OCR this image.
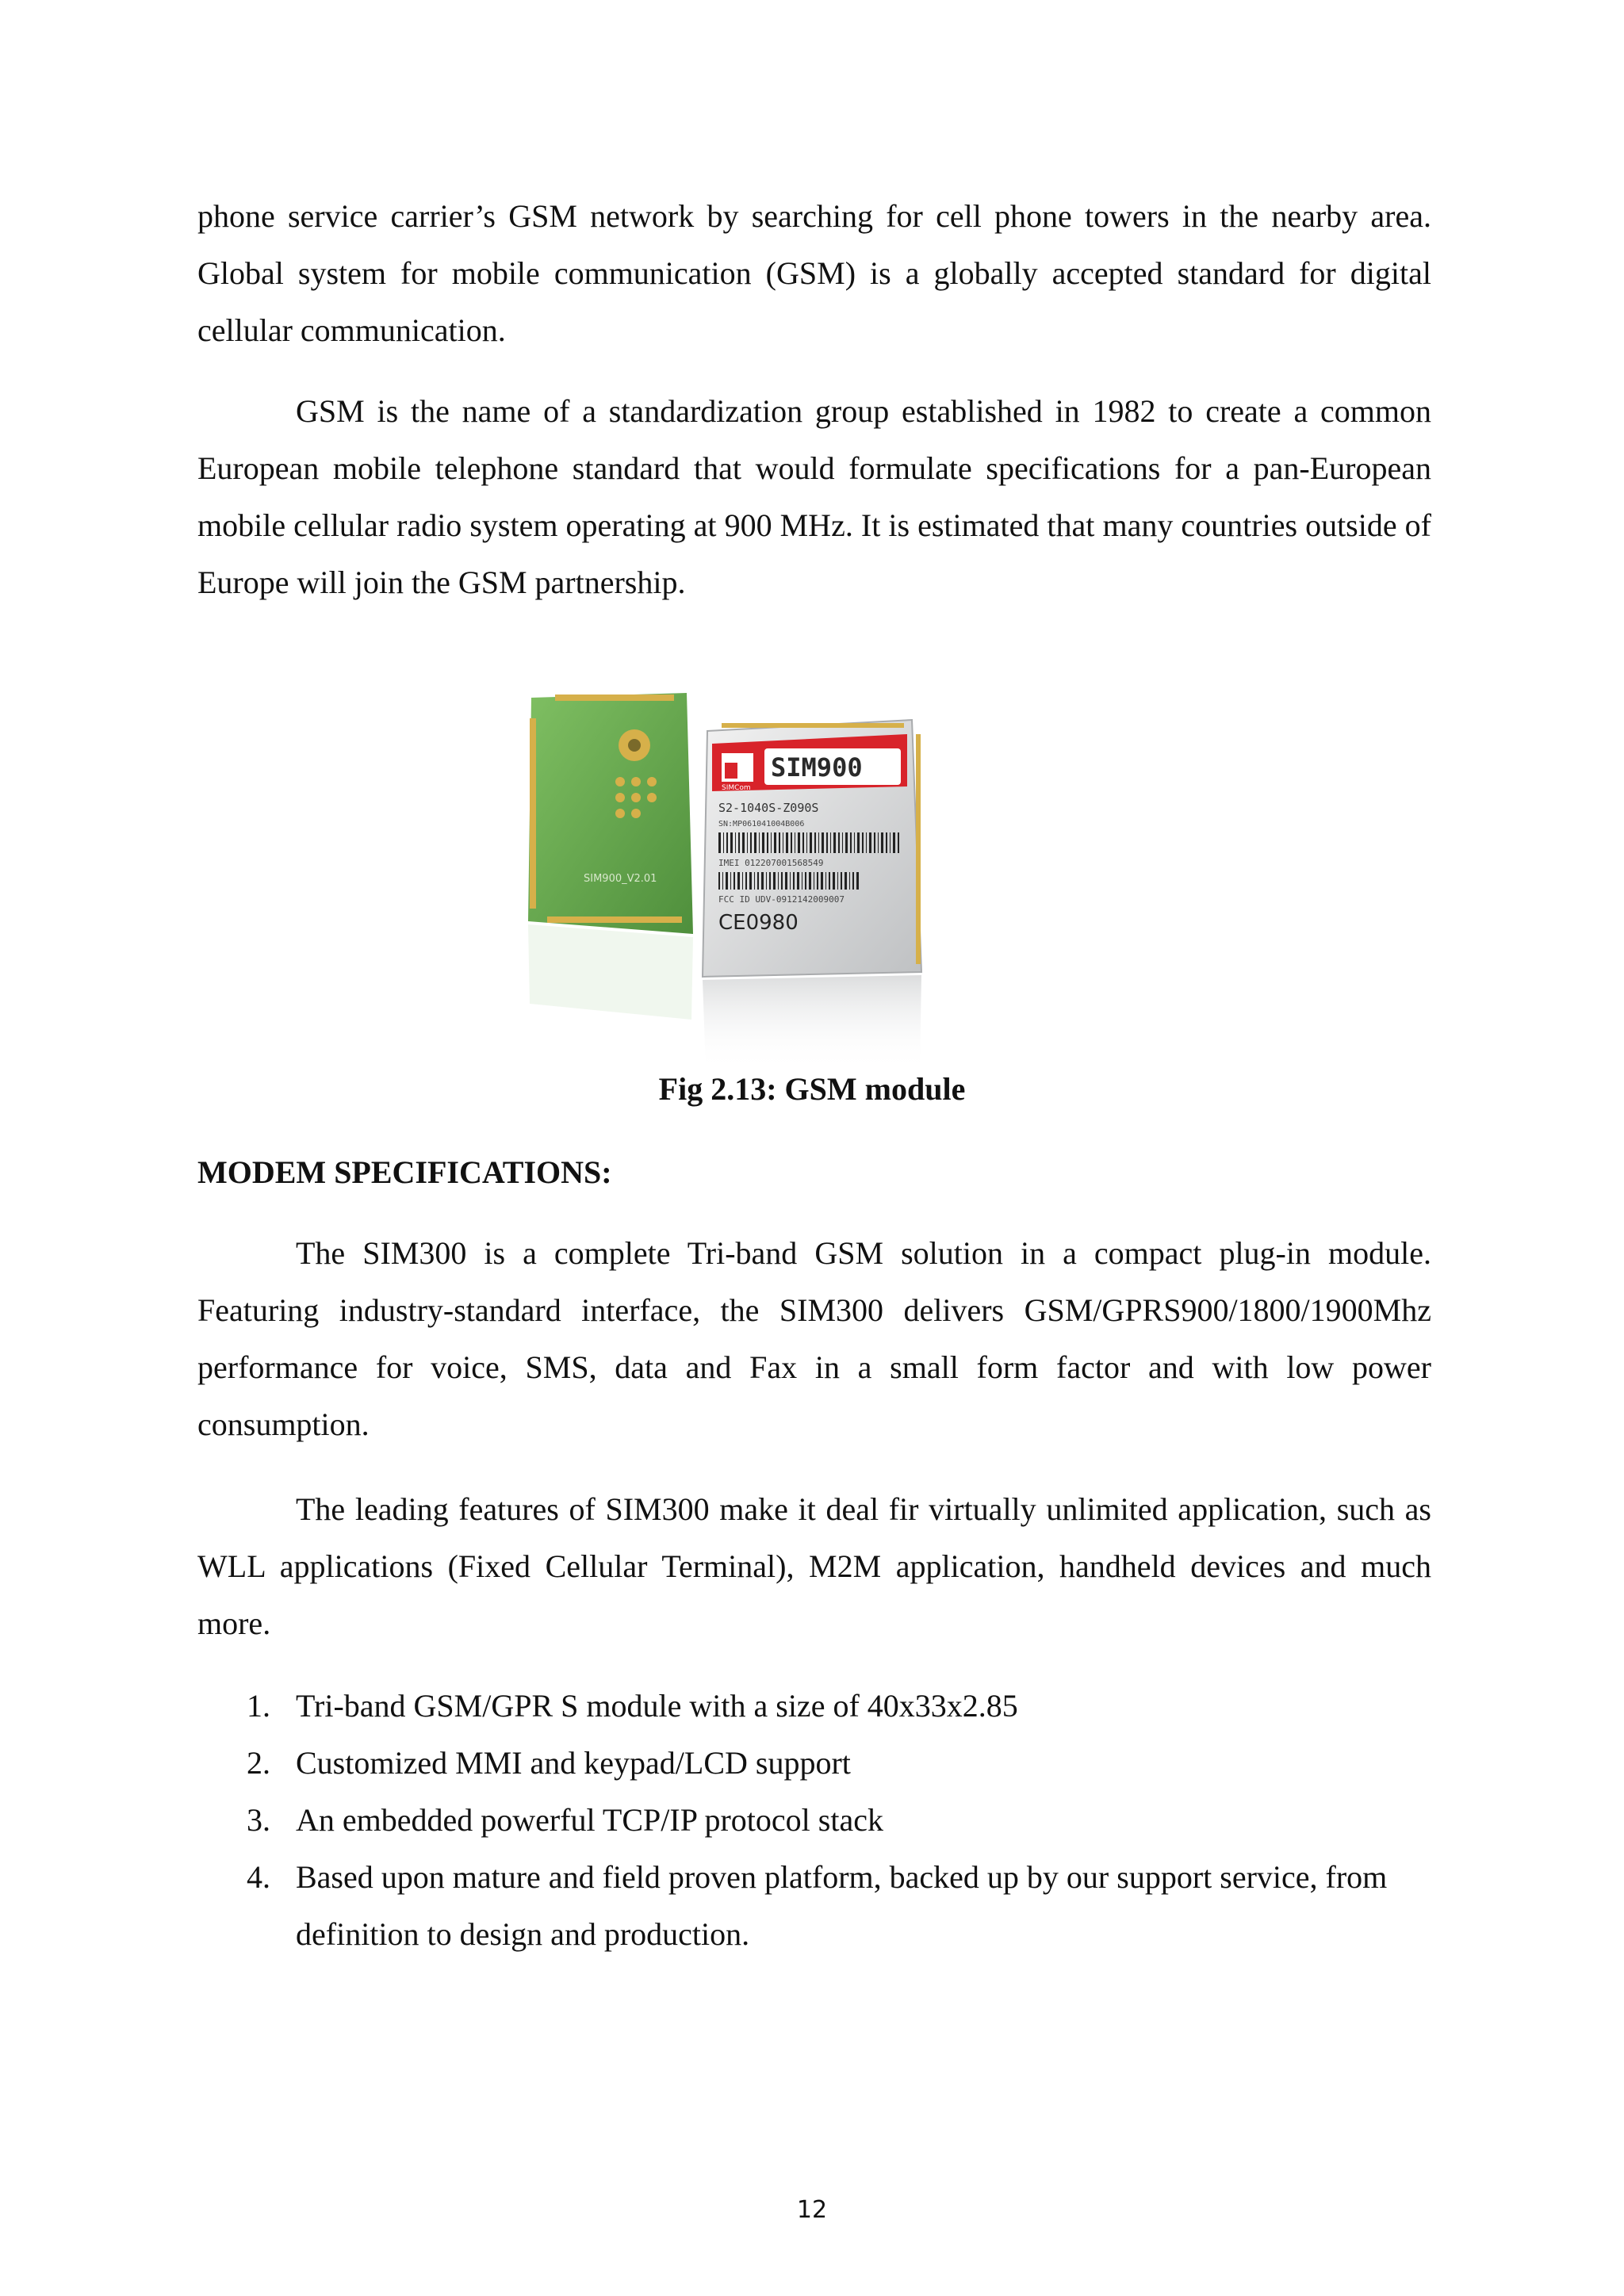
phone service carrier’s GSM network by searching for cell phone towers in the nearby area. Global system for mobile communication (GSM) is a globally accepted standard for digital cellular communication.

GSM is the name of a standardization group established in 1982 to create a common European mobile telephone standard that would formulate specifications for a pan-European mobile cellular radio system operating at 900 MHz. It is estimated that many countries outside of Europe will join the GSM partnership.

SIM900_V2.01
SIMCom
SIM900
S2-1040S-Z090S
SN:MP061041004B006
IMEI 012207001568549
FCC ID UDV-0912142009007
CE0980
Fig 2.13: GSM module
MODEM SPECIFICATIONS:

The SIM300 is a complete Tri-band GSM solution in a compact plug-in module. Featuring industry-standard interface, the SIM300 delivers GSM/GPRS900/1800/1900Mhz performance for voice, SMS, data and Fax in a small form factor and with low power consumption.

The leading features of SIM300 make it deal fir virtually unlimited application, such as WLL applications (Fixed Cellular Terminal), M2M application, handheld devices and much more.

1. Tri-band GSM/GPR S module with a size of 40x33x2.85
2. Customized MMI and keypad/LCD support
3. An embedded powerful TCP/IP protocol stack
4. Based upon mature and field proven platform, backed up by our support service, from definition to design and production.
12
